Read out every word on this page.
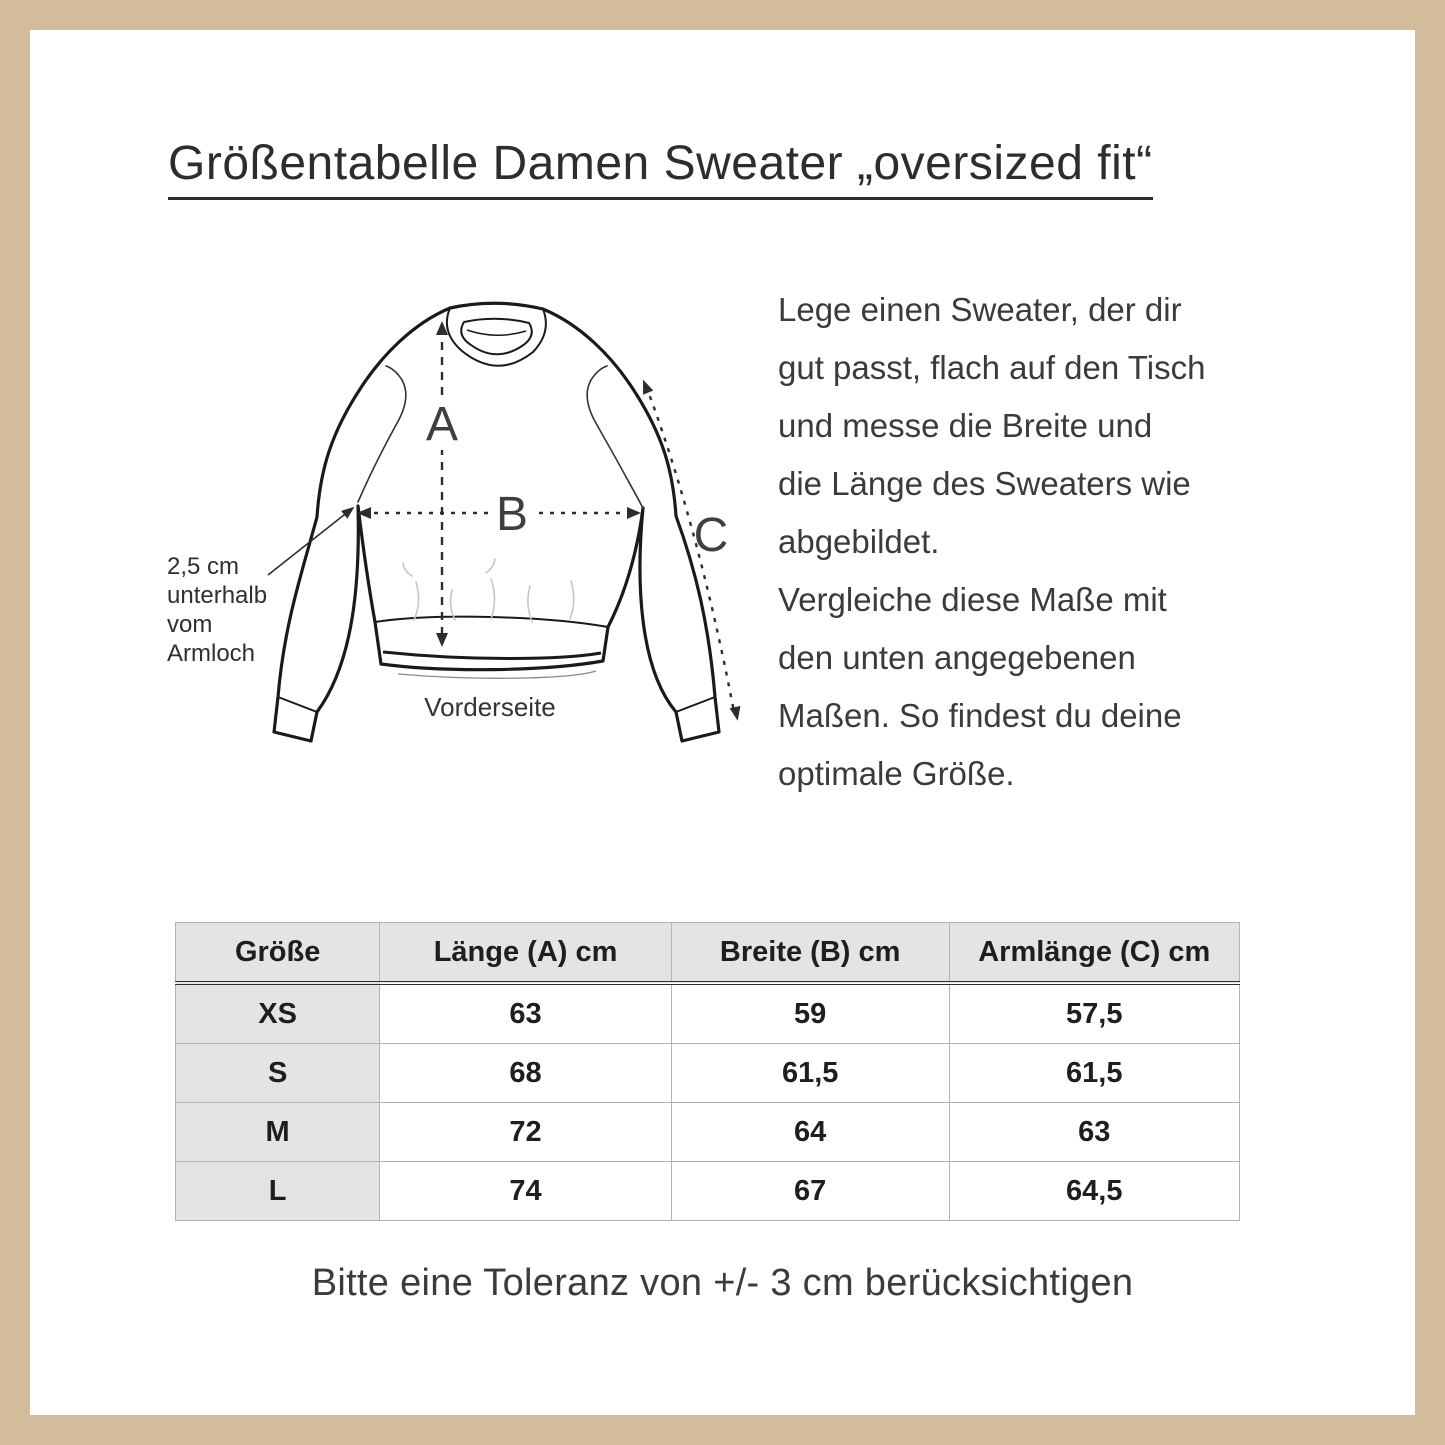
Größentabelle Damen Sweater „oversized fit“
A
B	C
Vorderseite
2,5 cm
unterhalb
vom
Armloch
Lege einen Sweater, der dir
gut passt, flach auf den Tisch
und messe die Breite und
die Länge des Sweaters wie
abgebildet.
Vergleiche diese Maße mit
den unten angegebenen
Maßen. So findest du deine
optimale Größe.
Größe	Länge (A) cm	Breite (B) cm	Armlänge (C) cm
XS	63	59	57,5
S	68	61,5	61,5
M	72	64	63
L	74	67	64,5
Bitte eine Toleranz von +/- 3 cm berücksichtigen
